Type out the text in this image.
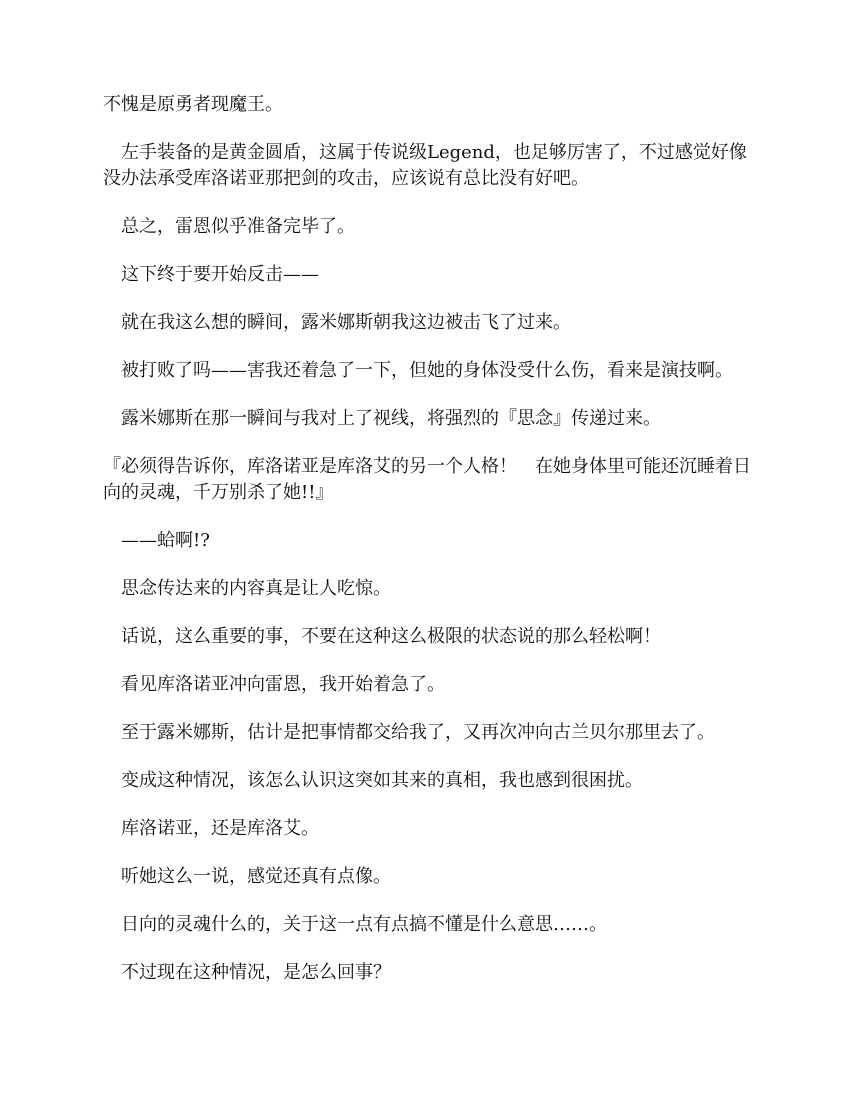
不愧是原勇者现魔王。

　左手装备的是黄金圆盾，这属于传说级Legend，也足够厉害了，不过感觉好像没办法承受库洛诺亚那把剑的攻击，应该说有总比没有好吧。

　总之，雷恩似乎准备完毕了。

　这下终于要开始反击——

　就在我这么想的瞬间，露米娜斯朝我这边被击飞了过来。

　被打败了吗——害我还着急了一下，但她的身体没受什么伤，看来是演技啊。

　露米娜斯在那一瞬间与我对上了视线，将强烈的『思念』传递过来。

『必须得告诉你，库洛诺亚是库洛艾的另一个人格！　在她身体里可能还沉睡着日向的灵魂，千万别杀了她!!』

　——蛤啊!?

　思念传达来的内容真是让人吃惊。

　话说，这么重要的事，不要在这种这么极限的状态说的那么轻松啊！

　看见库洛诺亚冲向雷恩，我开始着急了。

　至于露米娜斯，估计是把事情都交给我了，又再次冲向古兰贝尔那里去了。

　变成这种情况，该怎么认识这突如其来的真相，我也感到很困扰。

　库洛诺亚，还是库洛艾。

　听她这么一说，感觉还真有点像。

　日向的灵魂什么的，关于这一点有点搞不懂是什么意思……。

　不过现在这种情况，是怎么回事？
